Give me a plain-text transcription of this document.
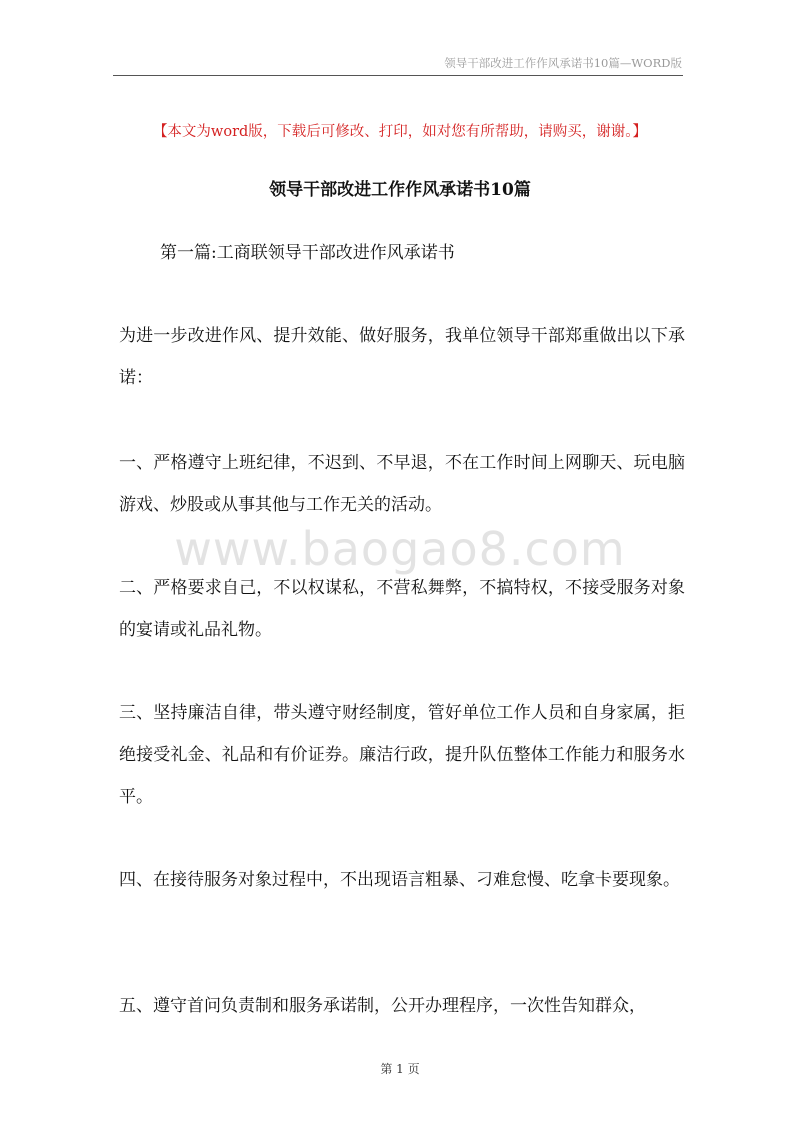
领导干部改进工作作风承诺书10篇—WORD版
【本文为word版，下载后可修改、打印，如对您有所帮助，请购买，谢谢。】
领导干部改进工作作风承诺书10篇
第一篇:工商联领导干部改进作风承诺书

为进一步改进作风、提升效能、做好服务，我单位领导干部郑重做出以下承诺：

一、严格遵守上班纪律，不迟到、不早退，不在工作时间上网聊天、玩电脑游戏、炒股或从事其他与工作无关的活动。

二、严格要求自己，不以权谋私，不营私舞弊，不搞特权，不接受服务对象的宴请或礼品礼物。

三、坚持廉洁自律，带头遵守财经制度，管好单位工作人员和自身家属，拒绝接受礼金、礼品和有价证券。廉洁行政，提升队伍整体工作能力和服务水平。

四、在接待服务对象过程中，不出现语言粗暴、刁难怠慢、吃拿卡要现象。

五、遵守首问负责制和服务承诺制，公开办理程序，一次性告知群众，

www.baogao8.com
第 1 页
